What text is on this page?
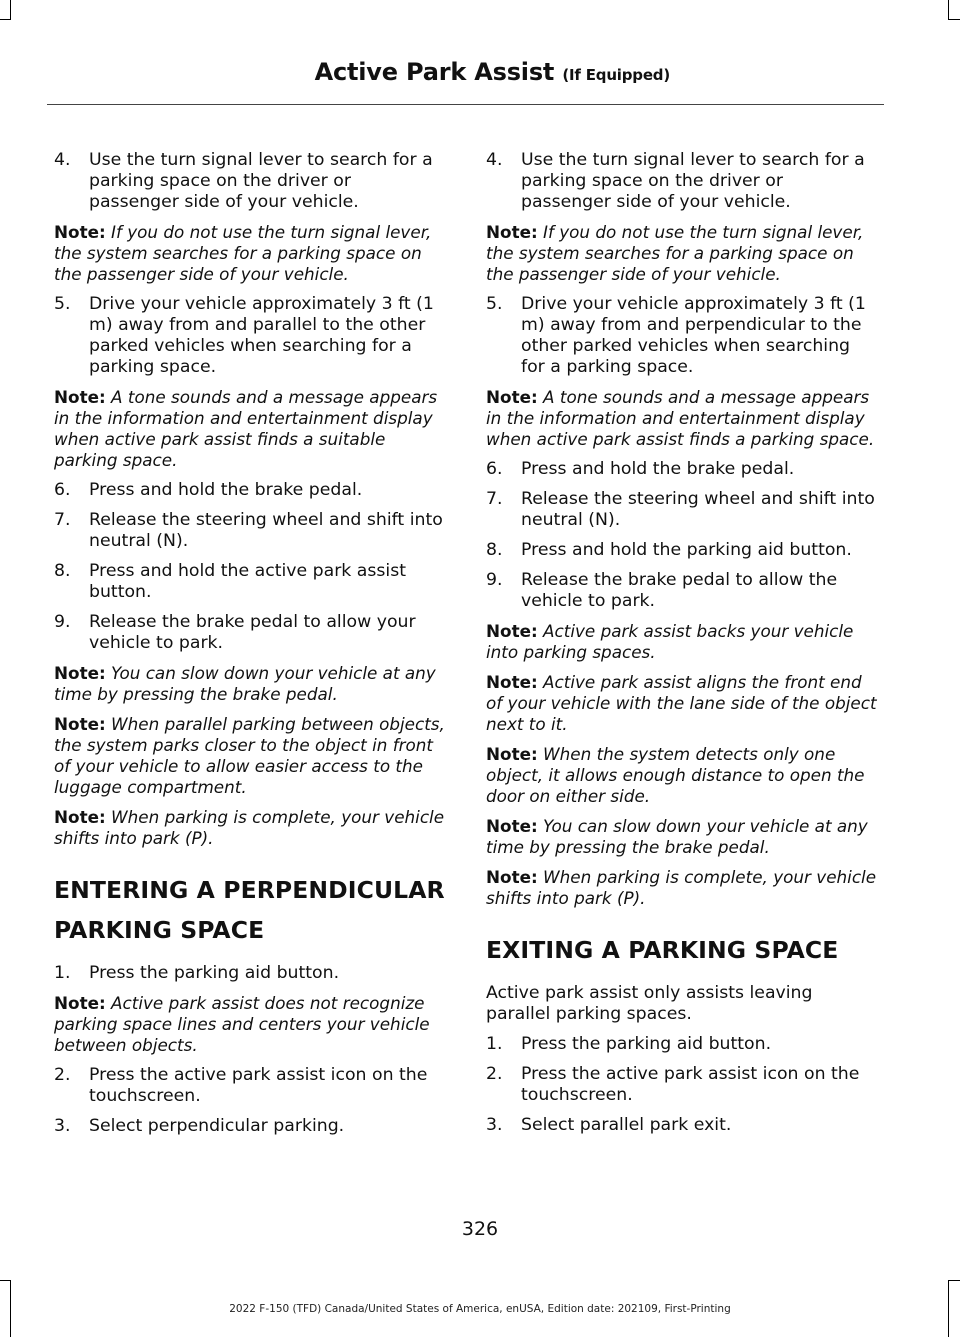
Active Park Assist (If Equipped)
4.	Use the turn signal lever to search for a parking space on the driver or passenger side of your vehicle.
Note: If you do not use the turn signal lever, the system searches for a parking space on the passenger side of your vehicle.
5.	Drive your vehicle approximately 3 ft (1 m) away from and parallel to the other parked vehicles when searching for a parking space.
Note: A tone sounds and a message appears in the information and entertainment display when active park assist finds a suitable parking space.
6.	Press and hold the brake pedal.
7.	Release the steering wheel and shift into neutral (N).
8.	Press and hold the active park assist button.
9.	Release the brake pedal to allow your vehicle to park.
Note: You can slow down your vehicle at any time by pressing the brake pedal.
Note: When parallel parking between objects, the system parks closer to the object in front of your vehicle to allow easier access to the luggage compartment.
Note: When parking is complete, your vehicle shifts into park (P).
ENTERING A PERPENDICULAR
PARKING SPACE
1.	Press the parking aid button.
Note: Active park assist does not recognize parking space lines and centers your vehicle between objects.
2.	Press the active park assist icon on the touchscreen.
3.	Select perpendicular parking.
4.	Use the turn signal lever to search for a parking space on the driver or passenger side of your vehicle.
Note: If you do not use the turn signal lever, the system searches for a parking space on the passenger side of your vehicle.
5.	Drive your vehicle approximately 3 ft (1 m) away from and perpendicular to the other parked vehicles when searching for a parking space.
Note: A tone sounds and a message appears in the information and entertainment display when active park assist finds a parking space.
6.	Press and hold the brake pedal.
7.	Release the steering wheel and shift into neutral (N).
8.	Press and hold the parking aid button.
9.	Release the brake pedal to allow the vehicle to park.
Note: Active park assist backs your vehicle into parking spaces.
Note: Active park assist aligns the front end of your vehicle with the lane side of the object next to it.
Note: When the system detects only one object, it allows enough distance to open the door on either side.
Note: You can slow down your vehicle at any time by pressing the brake pedal.
Note: When parking is complete, your vehicle shifts into park (P).
EXITING A PARKING SPACE
Active park assist only assists leaving parallel parking spaces.
1.	Press the parking aid button.
2.	Press the active park assist icon on the touchscreen.
3.	Select parallel park exit.
326
2022 F-150 (TFD) Canada/United States of America, enUSA, Edition date: 202109, First-Printing
